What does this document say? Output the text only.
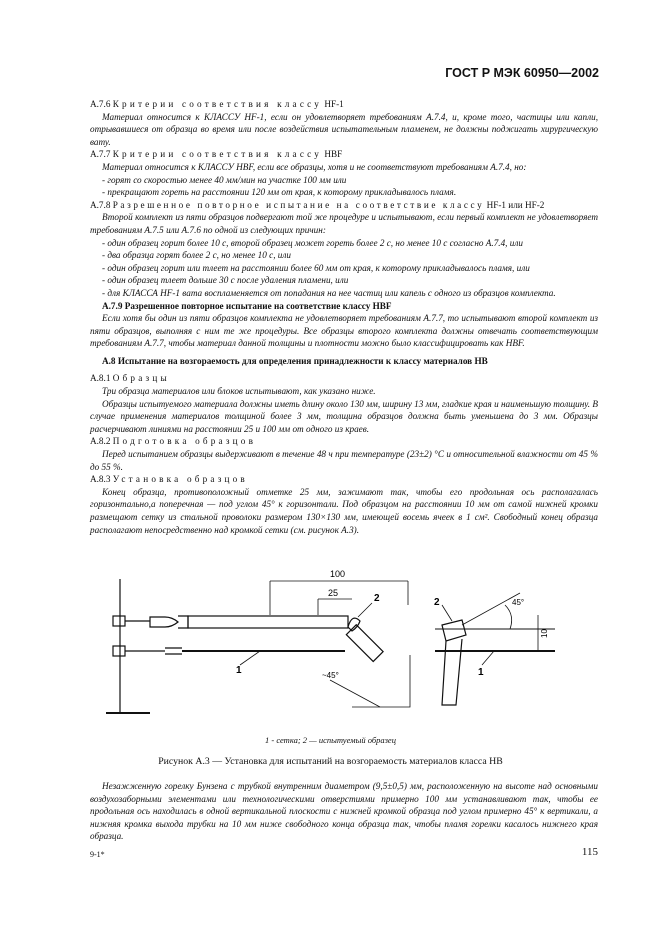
ГОСТ Р МЭК 60950—2002

А.7.6 Критерии соответствия классу HF-1

Материал относится к КЛАССУ HF-1, если он удовлетворяет требованиям А.7.4, и, кроме того, частицы или капли, отрывавшиеся от образца во время или после воздействия испытательным пламенем, не должны поджигать хирургическую вату.

А.7.7 Критерии соответствия классу HBF

Материал относится к КЛАССУ HBF, если все образцы, хотя и не соответствуют требованиям А.7.4, но:

- горят со скоростью менее 40 мм/мин на участке 100 мм или

- прекращают гореть на расстоянии 120 мм от края, к которому прикладывалось пламя.

А.7.8 Разрешенное повторное испытание на соответствие классу HF-1 или HF-2

Второй комплект из пяти образцов подвергают той же процедуре и испытывают, если первый комплект не удовлетворяет требованиям А.7.5 или А.7.6 по одной из следующих причин:

- один образец горит более 10 с, второй образец может гореть более 2 с, но менее 10 с согласно А.7.4, или

- два образца горят более 2 с, но менее 10 с, или

- один образец горит или тлеет на расстоянии более 60 мм от края, к которому прикладывалось пламя, или

- один образец тлеет дольше 30 с после удаления пламени, или

- для КЛАССА HF-1 вата воспламеняется от попадания на нее частиц или капель с одного из образцов комплекта.

А.7.9 Разрешенное повторное испытание на соответствие классу HBF

Если хотя бы один из пяти образцов комплекта не удовлетворяет требованиям А.7.7, то испытывают второй комплект из пяти образцов, выполняя с ним те же процедуры. Все образцы второго комплекта должны отвечать соответствующим требованиям А.7.7, чтобы материал данной толщины и плотности можно было классифицировать как HBF.

А.8 Испытание на возгораемость для определения принадлежности к классу материалов HB

А.8.1 Образцы

Три образца материалов или блоков испытывают, как указано ниже.

Образцы испытуемого материала должны иметь длину около 130 мм, ширину 13 мм, гладкие края и наименьшую толщину. В случае применения материалов толщиной более 3 мм, толщина образцов должна быть уменьшена до 3 мм. Образцы расчерчивают линиями на расстоянии 25 и 100 мм от одного из краев.

А.8.2 Подготовка образцов

Перед испытанием образцы выдерживают в течение 48 ч при температуре (23±2) °С и относительной влажности от 45 % до 55 %.

А.8.3 Установка образцов

Конец образца, противоположный отметке 25 мм, зажимают так, чтобы его продольная ось располагалась горизонтально,а поперечная — под углом 45° к горизонтали. Под образцом на расстоянии 10 мм от самой нижней кромки размещают сетку из стальной проволоки размером 130×130 мм, имеющей восемь ячеек в 1 см². Свободный конец образца располагают непосредственно над кромкой сетки (см. рисунок А.3).

100
25	2
1	~45°
2
1
45°
10
1 - сетка; 2 — испытуемый образец
Рисунок А.3 — Установка для испытаний на возгораемость материалов класса HB

Незажженную горелку Бунзена с трубкой внутренним диаметром (9,5±0,5) мм, расположенную на высоте над основными воздухозаборными элементами или технологическими отверстиями примерно 100 мм устанавливают так, чтобы ее продольная ось находилась в одной вертикальной плоскости с нижней кромкой образца под углом примерно 45° к вертикали, а нижняя кромка выхода трубки на 10 мм ниже свободного конца образца так, чтобы пламя горелки касалось нижнего края образца.

9-1*	115
